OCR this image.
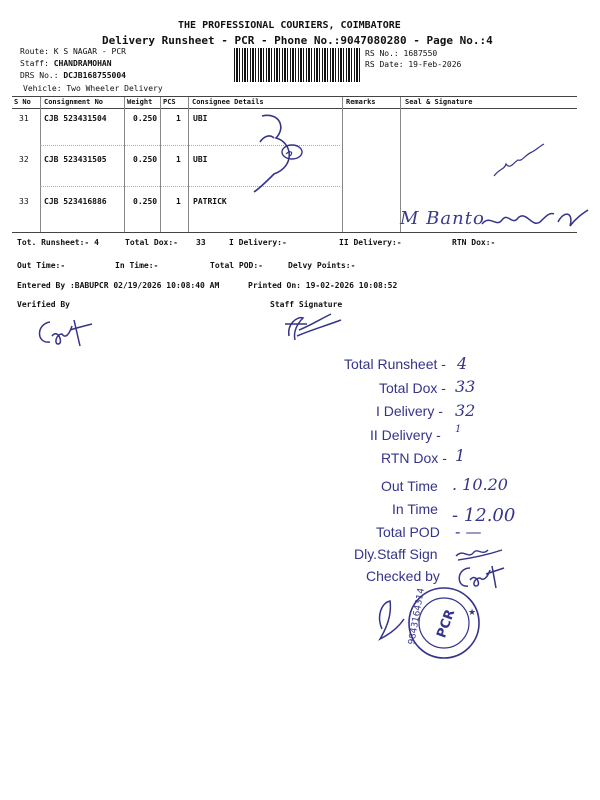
THE PROFESSIONAL COURIERS, COIMBATORE
Delivery Runsheet - PCR - Phone No.:9047080280 - Page No.:4
Route: K S NAGAR - PCR
Staff: CHANDRAMOHAN
DRS No.: DCJB168755004
Vehicle: Two Wheeler Delivery
RS No.: 1687550
RS Date: 19-Feb-2026
S No Consignment No	Weight PCS Consignee Details	Remarks	Seal & Signature
31 CJB 523431504	0.250 1 UBI
32 CJB 523431505	0.250 1 UBI
33 CJB 523416886	0.250 1 PATRICK
M Banto
Tot. Runsheet:- 4	Total Dox:- 33	I Delivery:-	II Delivery:-	RTN Dox:-
Out Time:-	In Time:-	Total POD:-	Delvy Points:-
Entered By :BABUPCR 02/19/2026 10:08:40 AM	Printed On: 19-02-2026 10:08:52
Verified By	Staff Signature
Total Runsheet - 4
Total Dox - 33
I Delivery - 32
II Delivery - 1
RTN Dox - 1
Out Time . 10.20
In Time - 12.00
Total POD - —
Dly.Staff Sign
Checked by
PCR
9843164314	★
